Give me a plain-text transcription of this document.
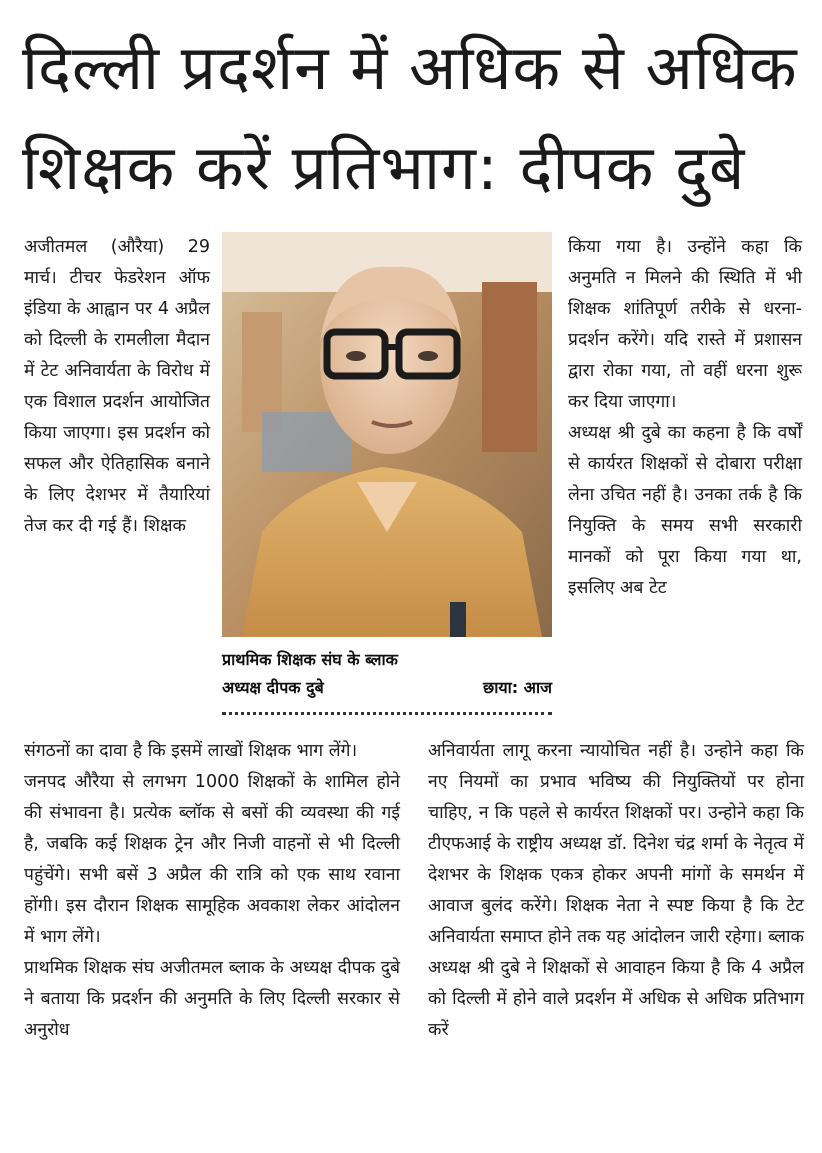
दिल्ली प्रदर्शन में अधिक से अधिक
शिक्षक करें प्रतिभाग: दीपक दुबे

अजीतमल (औरैया) 29 मार्च। टीचर फेडरेशन ऑफ इंडिया के आह्वान पर 4 अप्रैल को दिल्ली के रामलीला मैदान में टेट अनिवार्यता के विरोध में एक विशाल प्रदर्शन आयोजित किया जाएगा। इस प्रदर्शन को सफल और ऐतिहासिक बनाने के लिए देशभर में तैयारियां तेज कर दी गई हैं। शिक्षक

प्राथमिक शिक्षक संघ के ब्लाक
अध्यक्ष दीपक दुबे	छाया: आज

किया गया है। उन्होंने कहा कि अनुमति न मिलने की स्थिति में भी शिक्षक शांतिपूर्ण तरीके से धरना-प्रदर्शन करेंगे। यदि रास्ते में प्रशासन द्वारा रोका गया, तो वहीं धरना शुरू कर दिया जाएगा।

अध्यक्ष श्री दुबे का कहना है कि वर्षों से कार्यरत शिक्षकों से दोबारा परीक्षा लेना उचित नहीं है। उनका तर्क है कि नियुक्ति के समय सभी सरकारी मानकों को पूरा किया गया था, इसलिए अब टेट

संगठनों का दावा है कि इसमें लाखों शिक्षक भाग लेंगे।

जनपद औरैया से लगभग 1000 शिक्षकों के शामिल होने की संभावना है। प्रत्येक ब्लॉक से बसों की व्यवस्था की गई है, जबकि कई शिक्षक ट्रेन और निजी वाहनों से भी दिल्ली पहुंचेंगे। सभी बसें 3 अप्रैल की रात्रि को एक साथ रवाना होंगी। इस दौरान शिक्षक सामूहिक अवकाश लेकर आंदोलन में भाग लेंगे।

प्राथमिक शिक्षक संघ अजीतमल ब्लाक के अध्यक्ष दीपक दुबे ने बताया कि प्रदर्शन की अनुमति के लिए दिल्ली सरकार से अनुरोध

अनिवार्यता लागू करना न्यायोचित नहीं है। उन्होने कहा कि नए नियमों का प्रभाव भविष्य की नियुक्तियों पर होना चाहिए, न कि पहले से कार्यरत शिक्षकों पर। उन्होने कहा कि टीएफआई के राष्ट्रीय अध्यक्ष डॉ. दिनेश चंद्र शर्मा के नेतृत्व में देशभर के शिक्षक एकत्र होकर अपनी मांगों के समर्थन में आवाज बुलंद करेंगे। शिक्षक नेता ने स्पष्ट किया है कि टेट अनिवार्यता समाप्त होने तक यह आंदोलन जारी रहेगा। ब्लाक अध्यक्ष श्री दुबे ने शिक्षकों से आवाहन किया है कि 4 अप्रैल को दिल्ली में होने वाले प्रदर्शन में अधिक से अधिक प्रतिभाग करें
